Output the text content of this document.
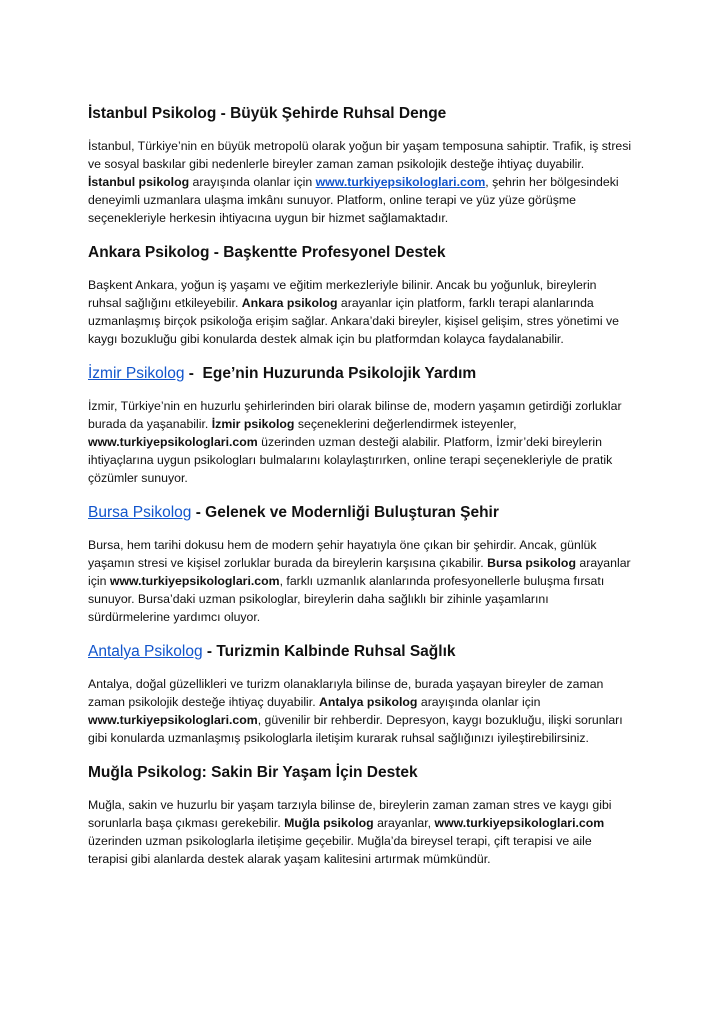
İstanbul Psikolog - Büyük Şehirde Ruhsal Denge

İstanbul, Türkiye’nin en büyük metropolü olarak yoğun bir yaşam temposuna sahiptir. Trafik, iş stresi ve sosyal baskılar gibi nedenlerle bireyler zaman zaman psikolojik desteğe ihtiyaç duyabilir. İstanbul psikolog arayışında olanlar için www.turkiyepsikologlari.com, şehrin her bölgesindeki deneyimli uzmanlara ulaşma imkânı sunuyor. Platform, online terapi ve yüz yüze görüşme seçenekleriyle herkesin ihtiyacına uygun bir hizmet sağlamaktadır.

Ankara Psikolog - Başkentte Profesyonel Destek

Başkent Ankara, yoğun iş yaşamı ve eğitim merkezleriyle bilinir. Ancak bu yoğunluk, bireylerin ruhsal sağlığını etkileyebilir. Ankara psikolog arayanlar için platform, farklı terapi alanlarında uzmanlaşmış birçok psikoloğa erişim sağlar. Ankara’daki bireyler, kişisel gelişim, stres yönetimi ve kaygı bozukluğu gibi konularda destek almak için bu platformdan kolayca faydalanabilir.

İzmir Psikolog -  Ege’nin Huzurunda Psikolojik Yardım

İzmir, Türkiye’nin en huzurlu şehirlerinden biri olarak bilinse de, modern yaşamın getirdiği zorluklar burada da yaşanabilir. İzmir psikolog seçeneklerini değerlendirmek isteyenler, www.turkiyepsikologlari.com üzerinden uzman desteği alabilir. Platform, İzmir’deki bireylerin ihtiyaçlarına uygun psikologları bulmalarını kolaylaştırırken, online terapi seçenekleriyle de pratik çözümler sunuyor.

Bursa Psikolog - Gelenek ve Modernliği Buluşturan Şehir

Bursa, hem tarihi dokusu hem de modern şehir hayatıyla öne çıkan bir şehirdir. Ancak, günlük yaşamın stresi ve kişisel zorluklar burada da bireylerin karşısına çıkabilir. Bursa psikolog arayanlar için www.turkiyepsikologlari.com, farklı uzmanlık alanlarında profesyonellerle buluşma fırsatı sunuyor. Bursa’daki uzman psikologlar, bireylerin daha sağlıklı bir zihinle yaşamlarını sürdürmelerine yardımcı oluyor.

Antalya Psikolog - Turizmin Kalbinde Ruhsal Sağlık

Antalya, doğal güzellikleri ve turizm olanaklarıyla bilinse de, burada yaşayan bireyler de zaman zaman psikolojik desteğe ihtiyaç duyabilir. Antalya psikolog arayışında olanlar için www.turkiyepsikologlari.com, güvenilir bir rehberdir. Depresyon, kaygı bozukluğu, ilişki sorunları gibi konularda uzmanlaşmış psikologlarla iletişim kurarak ruhsal sağlığınızı iyileştirebilirsiniz.

Muğla Psikolog: Sakin Bir Yaşam İçin Destek

Muğla, sakin ve huzurlu bir yaşam tarzıyla bilinse de, bireylerin zaman zaman stres ve kaygı gibi sorunlarla başa çıkması gerekebilir. Muğla psikolog arayanlar, www.turkiyepsikologlari.com üzerinden uzman psikologlarla iletişime geçebilir. Muğla’da bireysel terapi, çift terapisi ve aile terapisi gibi alanlarda destek alarak yaşam kalitesini artırmak mümkündür.
